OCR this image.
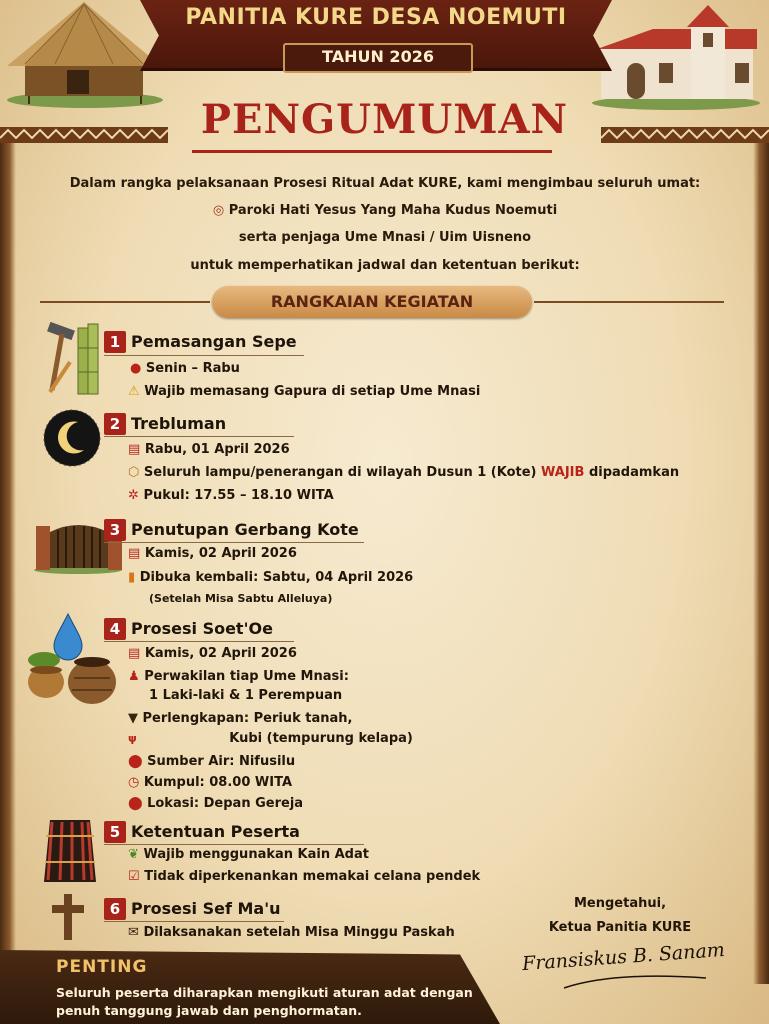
PANITIA KURE DESA NOEMUTI
TAHUN 2026
PENGUMUMAN
Dalam rangka pelaksanaan Prosesi Ritual Adat KURE, kami mengimbau seluruh umat:
◎ Paroki Hati Yesus Yang Maha Kudus Noemuti
serta penjaga Ume Mnasi / Uim Uisneno
untuk memperhatikan jadwal dan ketentuan berikut:
RANGKAIAN KEGIATAN
1 Pemasangan Sepe
● Senin – Rabu
⚠ Wajib memasang Gapura di setiap Ume Mnasi
2 Trebluman
▤ Rabu, 01 April 2026
⬡ Seluruh lampu/penerangan di wilayah Dusun 1 (Kote) WAJIB dipadamkan
✲ Pukul: 17.55 – 18.10 WITA
3 Penutupan Gerbang Kote
▤ Kamis, 02 April 2026
▮ Dibuka kembali: Sabtu, 04 April 2026
(Setelah Misa Sabtu Alleluya)
4 Prosesi Soet'Oe
▤ Kamis, 02 April 2026
♟ Perwakilan tiap Ume Mnasi:
1 Laki-laki & 1 Perempuan
▼ Perlengkapan: Periuk tanah,
ψ	Kubi (tempurung kelapa)
⬤ Sumber Air: Nifusilu
◷ Kumpul: 08.00 WITA
⬤ Lokasi: Depan Gereja
5 Ketentuan Peserta
❦ Wajib menggunakan Kain Adat
☑ Tidak diperkenankan memakai celana pendek
6 Prosesi Sef Ma'u
✉ Dilaksanakan setelah Misa Minggu Paskah
Mengetahui,
Ketua Panitia KURE
Fransiskus B. Sanam
PENTING
Seluruh peserta diharapkan mengikuti aturan adat dengan penuh tanggung jawab dan penghormatan.
